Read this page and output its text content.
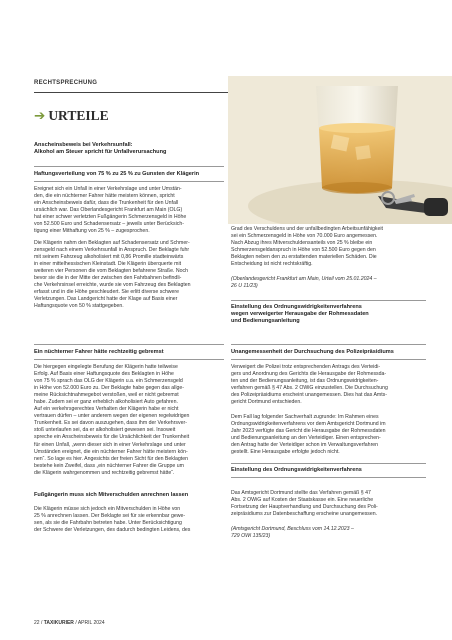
RECHTSPRECHUNG
➔ URTEILE
Anscheinsbeweis bei Verkehrsunfall:
Alkohol am Steuer spricht für Unfallverursachung
Haftungsverteilung von 75 % zu 25 % zu Gunsten der Klägerin

Ereignet sich ein Unfall in einer Verkehrslage und unter Umstän-

den, die ein nüchterner Fahrer hätte meistern können, spricht

ein Anscheinsbeweis dafür, dass die Trunkenheit für den Unfall

ursächlich war. Das Oberlandesgericht Frankfurt am Main (OLG)

hat einer schwer verletzten Fußgängerin Schmerzensgeld in Höhe

von 52.500 Euro und Schadensersatz – jeweils unter Berücksich-

tigung einer Mithaftung von 25 % – zugesprochen.

Die Klägerin nahm den Beklagten auf Schadensersatz und Schmer-

zensgeld nach einem Verkehrsunfall in Anspruch. Der Beklagte fuhr

mit seinem Fahrzeug alkoholisiert mit 0,86 Promille stadteinwärts

in einer mittelhessischen Kleinstadt. Die Klägerin überquerte mit

weiteren vier Personen die vom Beklagten befahrene Straße. Noch

bevor sie die in der Mitte der zwischen den Fahrbahnen befindli-

che Verkehrsinsel erreichte, wurde sie vom Fahrzeug des Beklagten

erfasst und in die Höhe geschleudert. Sie erlitt diverse schwere

Verletzungen. Das Landgericht hatte der Klage auf Basis einer

Haftungsquote von 50 % stattgegeben.

Grad des Verschuldens und der unfallbedingten Arbeitsunfähigkeit

sei ein Schmerzensgeld in Höhe von 70.000 Euro angemessen.

Nach Abzug ihres Mitverschuldensanteils von 25 % bleibe ein

Schmerzensgeldanspruch in Höhe von 52.500 Euro gegen den

Beklagten neben den zu erstattenden materiellen Schäden. Die

Entscheidung ist nicht rechtskräftig.

(Oberlandesgericht Frankfurt am Main, Urteil vom 25.01.2024 –

26 U 11/23)

Einstellung des Ordnungswidrigkeitenverfahrens
wegen verweigerter Herausgabe der Rohmessdaten
und Bedienungsanleitung
Ein nüchterner Fahrer hätte rechtzeitig gebremst

Die hiergegen eingelegte Berufung der Klägerin hatte teilweise

Erfolg. Auf Basis einer Haftungsquote des Beklagten in Höhe

von 75 % sprach das OLG der Klägerin u.a. ein Schmerzensgeld

in Höhe von 52.000 Euro zu. Der Beklagte habe gegen das allge-

meine Rücksichtnahmegebot verstoßen, weil er nicht gebremst

habe. Zudem sei er ganz erheblich alkoholisiert Auto gefahren.

Auf ein verkehrsgerechtes Verhalten der Klägerin habe er nicht

vertrauen dürfen – unter anderem wegen der eigenen regelwidrigen

Trunkenheit. Es sei davon auszugehen, dass ihm der Verkehrsver-

stoß unterlaufen sei, da er alkoholisiert gewesen sei. Insoweit

spreche ein Anscheinsbeweis für die Ursächlichkeit der Trunkenheit

für einen Unfall, „wenn dieser sich in einer Verkehrslage und unter

Umständen ereignet, die ein nüchterner Fahrer hätte meistern kön-

nen“. So lage es hier. Angesichts der freien Sicht für den Beklagten

bestehe kein Zweifel, dass „ein nüchterner Fahrer die Gruppe um

die Klägerin wahrgenommen und rechtzeitig gebremst hätte“.

Fußgängerin muss sich Mitverschulden anrechnen lassen

Die Klägerin müsse sich jedoch ein Mitverschulden in Höhe von

25 % anrechnen lassen. Der Beklagte sei für sie erkennbar gewe-

sen, als sie die Fahrbahn betreten habe. Unter Berücksichtigung

der Schwere der Verletzungen, des dadurch bedingten Leidens, des

Unangemessenheit der Durchsuchung des Polizeipräsidiums

Verweigert die Polizei trotz entsprechenden Antrags des Verteidi-

gers und Anordnung des Gerichts die Herausgabe der Rohmessda-

ten und der Bedienungsanleitung, ist das Ordnungswidrigkeiten-

verfahren gemäß § 47 Abs. 2 OWiG einzustellen. Die Durchsuchung

des Polizeipräsidiums erscheint unangemessen. Dies hat das Amts-

gericht Dortmund entschieden.

Dem Fall lag folgender Sachverhalt zugrunde: Im Rahmen eines

Ordnungswidrigkeitenverfahrens vor dem Amtsgericht Dortmund im

Jahr 2023 verfügte das Gericht die Herausgabe der Rohmessdaten

und Bedienungsanleitung an den Verteidiger. Einen entsprechen-

den Antrag hatte der Verteidiger schon im Verwaltungsverfahren

gestellt. Eine Herausgabe erfolgte jedoch nicht.

Einstellung des Ordnungswidrigkeitenverfahrens

Das Amtsgericht Dortmund stellte das Verfahren gemäß § 47

Abs. 2 OWiG auf Kosten der Staatskasse ein. Eine neuerliche

Fortsetzung der Hauptverhandlung und Durchsuchung des Poli-

zeipräsidiums zur Datenbeschaffung erscheine unangemessen.

(Amtsgericht Dortmund, Beschluss vom 14.12.2023 –

729 OWi 135/23)

22 / TAXIKURIER / APRIL 2024
